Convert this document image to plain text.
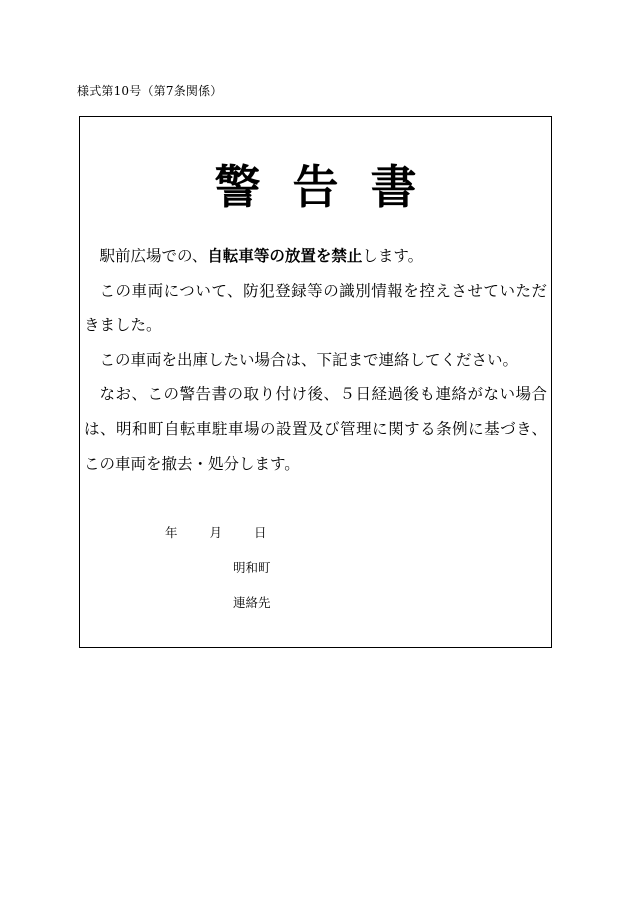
様式第10号（第7条関係）
警告書

駅前広場での、自転車等の放置を禁止します。

この車両について、防犯登録等の識別情報を控えさせていただきました。

この車両を出庫したい場合は、下記まで連絡してください。

なお、この警告書の取り付け後、５日経過後も連絡がない場合は、明和町自転車駐車場の設置及び管理に関する条例に基づき、この車両を撤去・処分します。

年	月	日
明和町
連絡先
